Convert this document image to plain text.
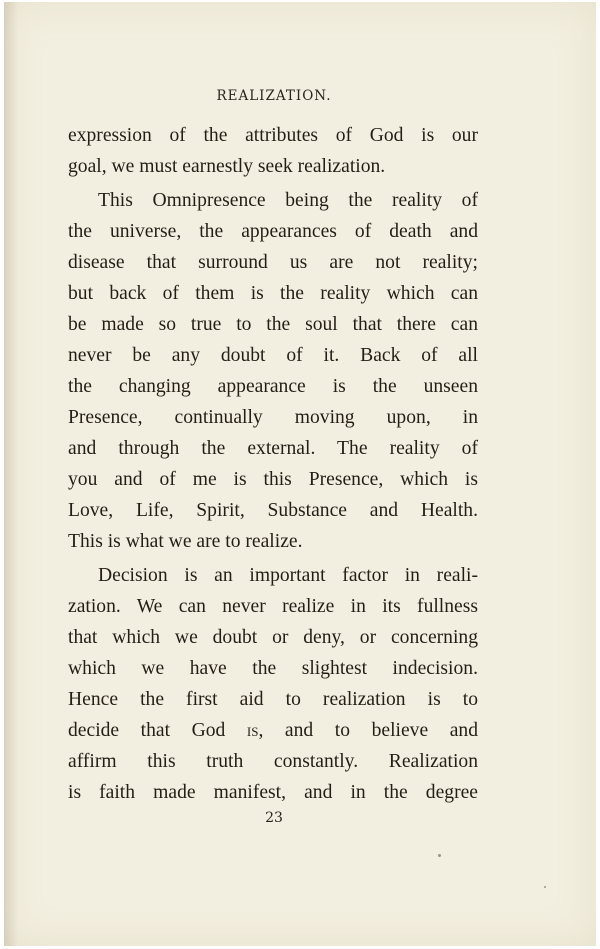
REALIZATION.

expression of the attributes of God is our

goal, we must earnestly seek realization.

This Omnipresence being the reality of

the universe, the appearances of death and

disease that surround us are not reality;

but back of them is the reality which can

be made so true to the soul that there can

never be any doubt of it. Back of all

the changing appearance is the unseen

Presence, continually moving upon, in

and through the external. The reality of

you and of me is this Presence, which is

Love, Life, Spirit, Substance and Health.

This is what we are to realize.

Decision is an important factor in reali-

zation. We can never realize in its fullness

that which we doubt or deny, or concerning

which we have the slightest indecision.

Hence the first aid to realization is to

decide that God is, and to believe and

affirm this truth constantly. Realization

is faith made manifest, and in the degree

23
